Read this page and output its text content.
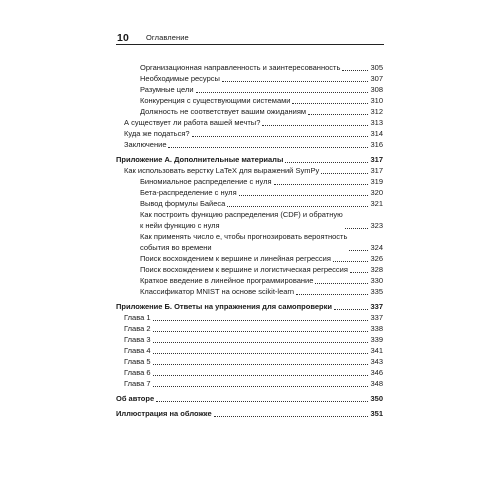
10 Оглавление
Организационная направленность и заинтересованность	305
Необходимые ресурсы	307
Разумные цели	308
Конкуренция с существующими системами	310
Должность не соответствует вашим ожиданиям	312
А существует ли работа вашей мечты?	313
Куда же податься?	314
Заключение	316
Приложение А. Дополнительные материалы	317
Как использовать верстку LaTeX для выражений SymPy	317
Биномиальное распределение с нуля	319
Бета-распределение с нуля	320
Вывод формулы Байеса	321
Как построить функцию распределения (CDF) и обратную
к нейи функцию с нуля	323
Как применять число е, чтобы прогнозировать вероятность
события во времени	324
Поиск восхождением к вершине и линейная регрессия	326
Поиск восхождением к вершине и логистическая регрессия	328
Краткое введение в линейное программирование	330
Классификатор MNIST на основе scikit-learn	335
Приложение Б. Ответы на упражнения для самопроверки	337
Глава 1	337
Глава 2	338
Глава 3	339
Глава 4	341
Глава 5	343
Глава 6	346
Глава 7	348
Об авторе	350
Иллюстрация на обложке	351
